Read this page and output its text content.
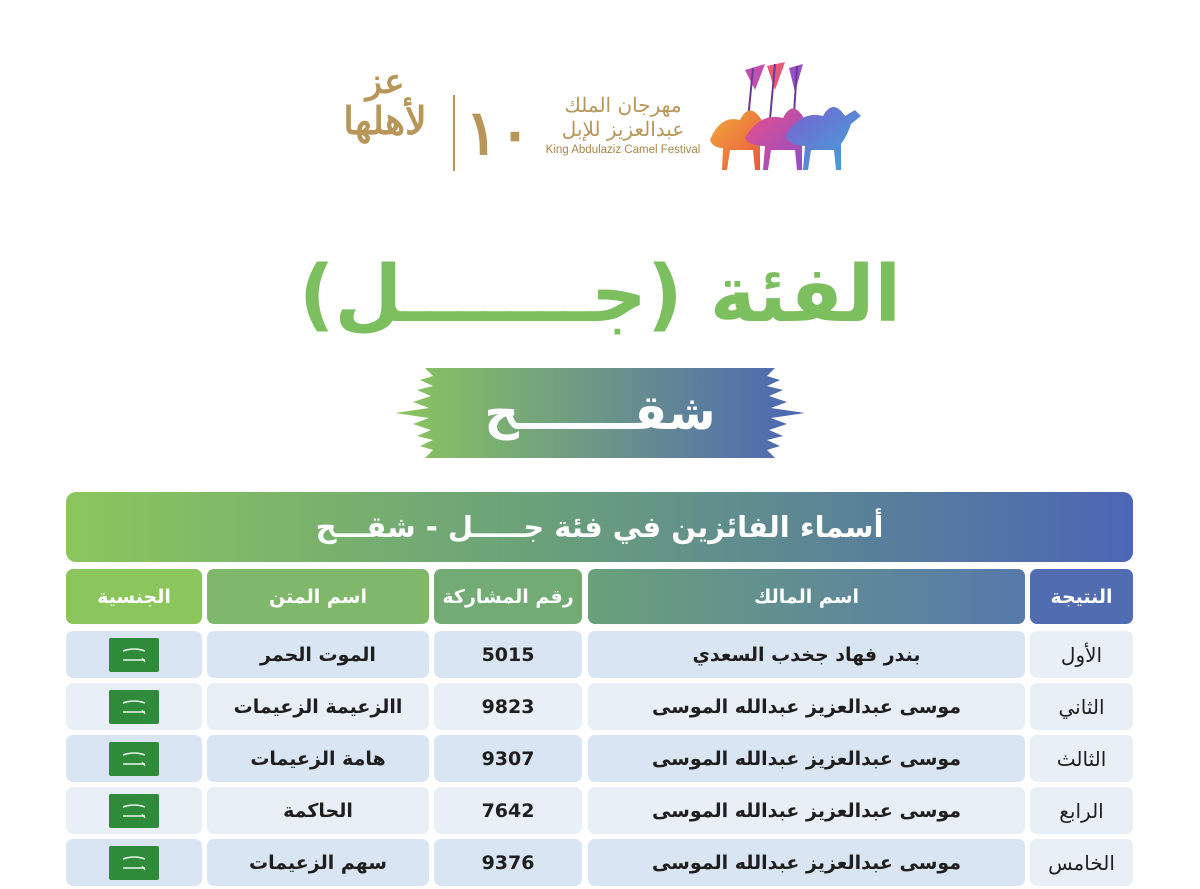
عز
لأهلها ١٠	مهرجان الملك
عبدالعزيز للإبل
King Abdulaziz Camel Festival
الفئة (جـــــــل)
شقـــــــح
أسماء الفائزين في فئة جـــــل - شقـــح
النتيجة
اسم المالك
رقم المشاركة
اسم المتن
الجنسية
الأول
بندر فهاد جخدب السعدي
5015
الموت الحمر
الثاني
موسى عبدالعزيز عبدالله الموسى
9823
االزعيمة الزعيمات
الثالث
موسى عبدالعزيز عبدالله الموسى
9307
هامة الزعيمات
الرابع
موسى عبدالعزيز عبدالله الموسى
7642
الحاكمة
الخامس
موسى عبدالعزيز عبدالله الموسى
9376
سهم الزعيمات
